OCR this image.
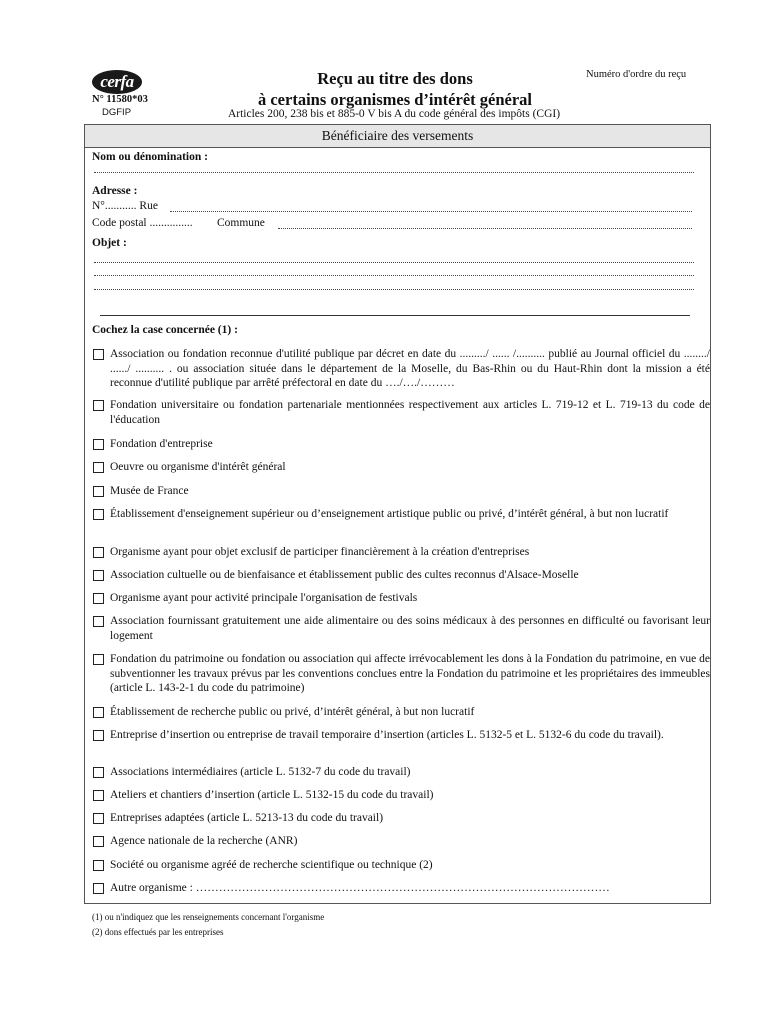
cerfa
N° 11580*03
DGFIP
Reçu au titre des dons
à certains organismes d’intérêt général
Articles 200, 238 bis et 885-0 V bis A du code général des impôts (CGI)
Numéro d'ordre du reçu
Bénéficiaire des versements
Nom ou dénomination :
Adresse :
N°........... Rue
Code postal ............... Commune
Objet :
Cochez la case concernée (1) :
Association ou fondation reconnue d'utilité publique par décret en date du ........./ ...... /.......... publié au Journal officiel du ......../ ....../ .......... . ou association située dans le département de la Moselle, du Bas-Rhin ou du Haut-Rhin dont la mission a été reconnue d'utilité publique par arrêté préfectoral en date du …./…./………
Fondation universitaire ou fondation partenariale mentionnées respectivement aux articles L. 719-12 et L. 719-13 du code de l'éducation
Fondation d'entreprise
Oeuvre ou organisme d'intérêt général
Musée de France
Établissement d'enseignement supérieur ou d’enseignement artistique public ou privé, d’intérêt général, à but non lucratif
Organisme ayant pour objet exclusif de participer financièrement à la création d'entreprises
Association cultuelle ou de bienfaisance et établissement public des cultes reconnus d'Alsace-Moselle
Organisme ayant pour activité principale l'organisation de festivals
Association fournissant gratuitement une aide alimentaire ou des soins médicaux à des personnes en difficulté ou favorisant leur logement
Fondation du patrimoine ou fondation ou association qui affecte irrévocablement les dons à la Fondation du patrimoine, en vue de subventionner les travaux prévus par les conventions conclues entre la Fondation du patrimoine et les propriétaires des immeubles (article L. 143-2-1 du code du patrimoine)
Établissement de recherche public ou privé, d’intérêt général, à but non lucratif
Entreprise d’insertion ou entreprise de travail temporaire d’insertion (articles L. 5132-5 et L. 5132-6 du code du travail).
Associations intermédiaires (article L. 5132-7 du code du travail)
Ateliers et chantiers d’insertion (article L. 5132-15 du code du travail)
Entreprises adaptées (article L. 5213-13 du code du travail)
Agence nationale de la recherche (ANR)
Société ou organisme agréé de recherche scientifique ou technique (2)
Autre organisme : ………………………………………………………………………………………………
(1) ou n'indiquez que les renseignements concernant l'organisme
(2) dons effectués par les entreprises
